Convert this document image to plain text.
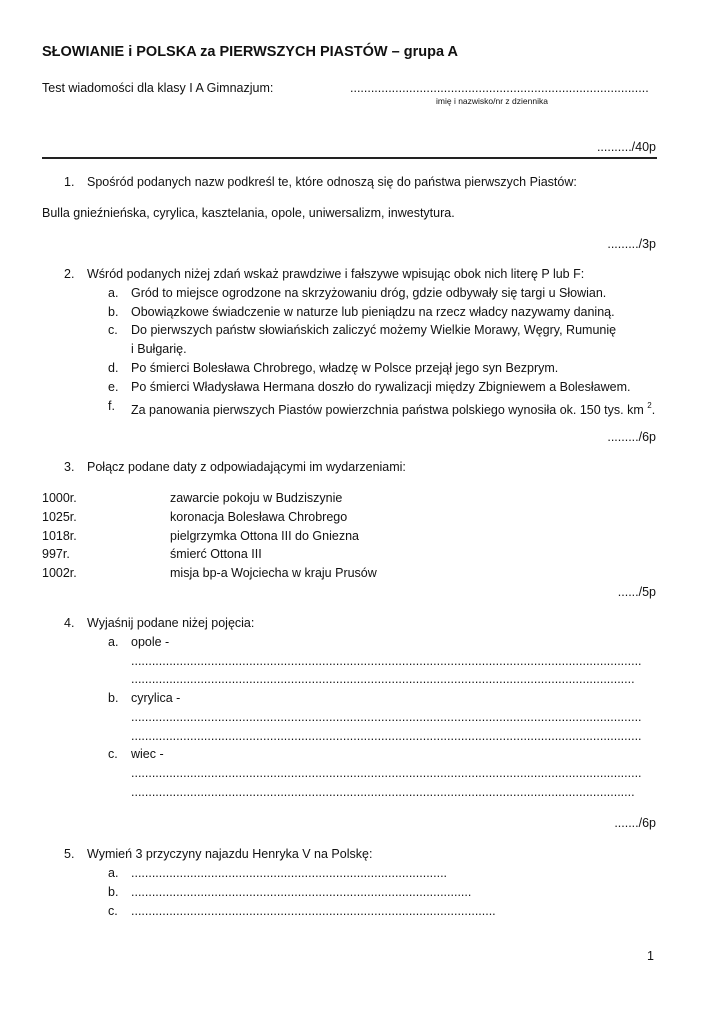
SŁOWIANIE i POLSKA za PIERWSZYCH PIASTÓW – grupa A
Test wiadomości dla klasy I A Gimnazjum:	......................................................................................
imię i nazwisko/nr z dziennika
........../40p
1. Spośród podanych nazw podkreśl te, które odnoszą się do państwa pierwszych Piastów:
Bulla gnieźnieńska, cyrylica, kasztelania, opole, uniwersalizm, inwestytura.
........./3p
2. Wśród podanych niżej zdań wskaż prawdziwe i fałszywe wpisując obok nich literę P lub F:
a. Gród to miejsce ogrodzone na skrzyżowaniu dróg, gdzie odbywały się targi u Słowian.
b. Obowiązkowe świadczenie w naturze lub pieniądzu na rzecz władcy nazywamy daniną.
c. Do pierwszych państw słowiańskich zaliczyć możemy Wielkie Morawy, Węgry, Rumunię
i Bułgarię.
d. Po śmierci Bolesława Chrobrego, władzę w Polsce przejął jego syn Bezprym.
e. Po śmierci Władysława Hermana doszło do rywalizacji między Zbigniewem a Bolesławem.
f. Za panowania pierwszych Piastów powierzchnia państwa polskiego wynosiła ok. 150 tys. km $^2$.
........./6p
3. Połącz podane daty z odpowiadającymi im wydarzeniami:
1000r.	zawarcie pokoju w Budziszynie
1025r.	koronacja Bolesława Chrobrego
1018r.	pielgrzymka Ottona III do Gniezna
997r.	śmierć Ottona III
1002r.	misja bp-a Wojciecha w kraju Prusów
....../5p
4. Wyjaśnij podane niżej pojęcia:
a. opole -
...................................................................................................................................................
.................................................................................................................................................
b. cyrylica -
...................................................................................................................................................
...................................................................................................................................................
c. wiec -
...................................................................................................................................................
.................................................................................................................................................
......./6p
5. Wymień 3 przyczyny najazdu Henryka V na Polskę:
a. ...........................................................................................
b. ..................................................................................................
c. .........................................................................................................
1
